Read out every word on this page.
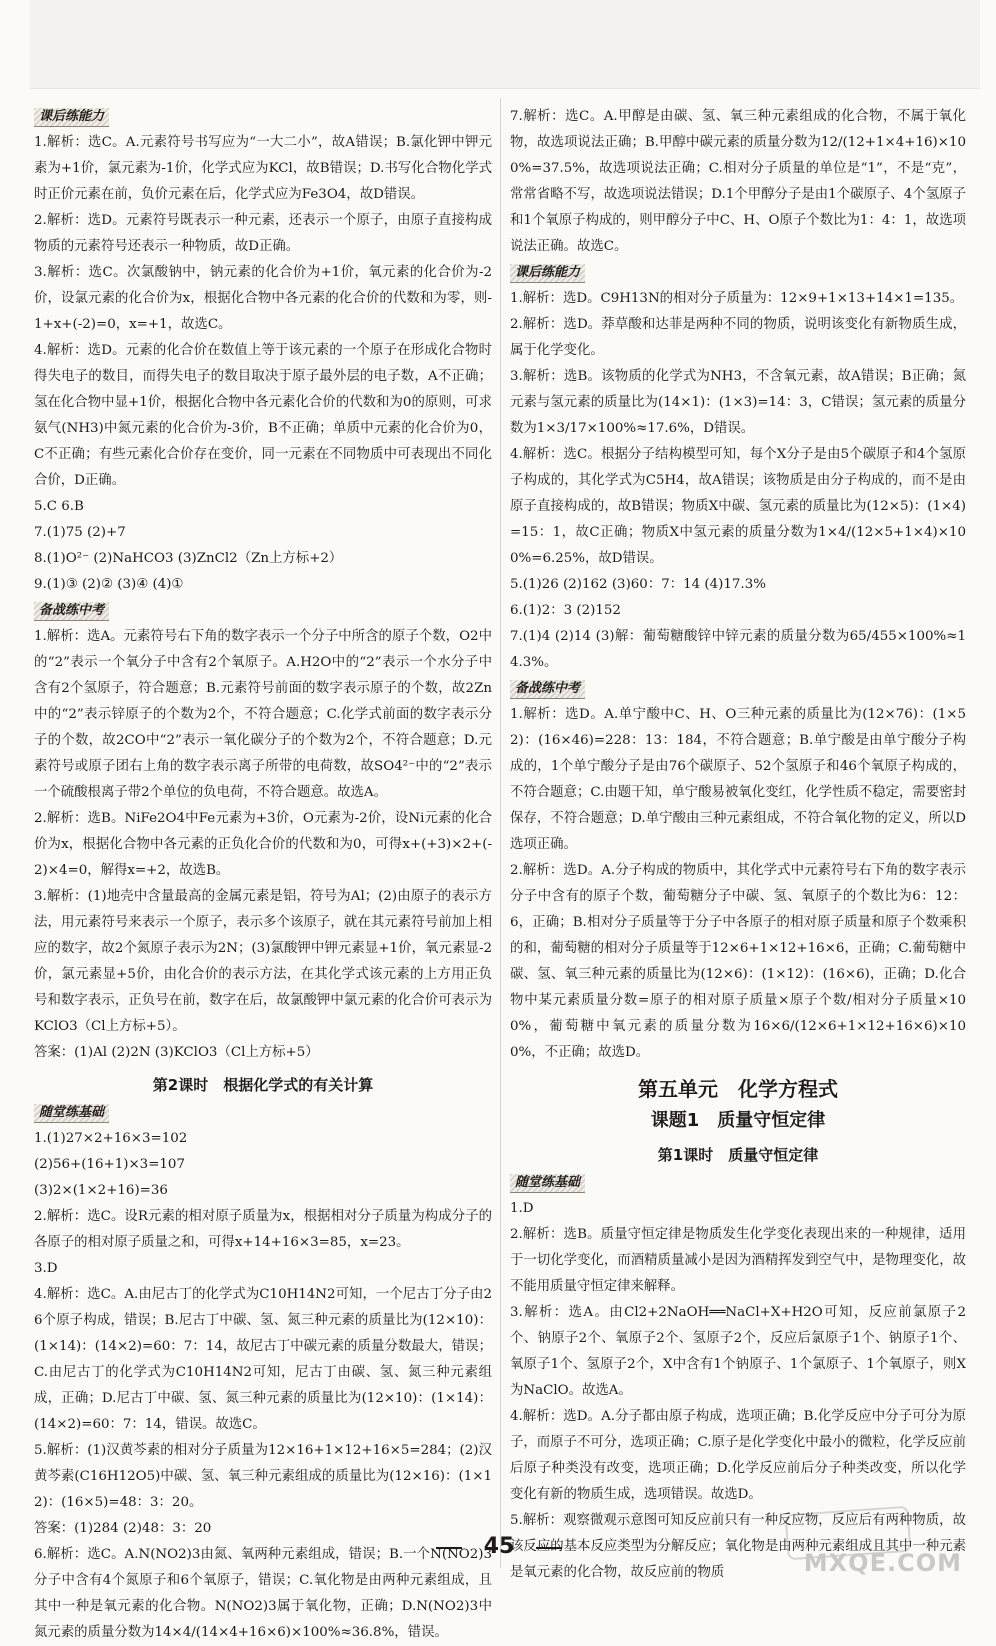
课后练能力

1.解析：选C。A.元素符号书写应为“一大二小”，故A错误；B.氯化钾中钾元素为+1价，氯元素为-1价，化学式应为KCl，故B错误；D.书写化合物化学式时正价元素在前，负价元素在后，化学式应为Fe3O4，故D错误。

2.解析：选D。元素符号既表示一种元素，还表示一个原子，由原子直接构成物质的元素符号还表示一种物质，故D正确。

3.解析：选C。次氯酸钠中，钠元素的化合价为+1价，氧元素的化合价为-2价，设氯元素的化合价为x，根据化合物中各元素的化合价的代数和为零，则-1+x+(-2)=0，x=+1，故选C。

4.解析：选D。元素的化合价在数值上等于该元素的一个原子在形成化合物时得失电子的数目，而得失电子的数目取决于原子最外层的电子数，A不正确；氢在化合物中显+1价，根据化合物中各元素化合价的代数和为0的原则，可求氨气(NH3)中氮元素的化合价为-3价，B不正确；单质中元素的化合价为0，C不正确；有些元素化合价存在变价，同一元素在不同物质中可表现出不同化合价，D正确。

5.C 6.B

7.(1)75 (2)+7

8.(1)O²⁻ (2)NaHCO3 (3)ZnCl2（Zn上方标+2）

9.(1)③ (2)② (3)④ (4)①

备战练中考

1.解析：选A。元素符号右下角的数字表示一个分子中所含的原子个数，O2中的“2”表示一个氧分子中含有2个氧原子。A.H2O中的“2”表示一个水分子中含有2个氢原子，符合题意；B.元素符号前面的数字表示原子的个数，故2Zn中的“2”表示锌原子的个数为2个，不符合题意；C.化学式前面的数字表示分子的个数，故2CO中“2”表示一氧化碳分子的个数为2个，不符合题意；D.元素符号或原子团右上角的数字表示离子所带的电荷数，故SO4²⁻中的“2”表示一个硫酸根离子带2个单位的负电荷，不符合题意。故选A。

2.解析：选B。NiFe2O4中Fe元素为+3价，O元素为-2价，设Ni元素的化合价为x，根据化合物中各元素的正负化合价的代数和为0，可得x+(+3)×2+(-2)×4=0，解得x=+2，故选B。

3.解析：(1)地壳中含量最高的金属元素是铝，符号为Al；(2)由原子的表示方法，用元素符号来表示一个原子，表示多个该原子，就在其元素符号前加上相应的数字，故2个氮原子表示为2N；(3)氯酸钾中钾元素显+1价，氧元素显-2价，氯元素显+5价，由化合价的表示方法，在其化学式该元素的上方用正负号和数字表示，正负号在前，数字在后，故氯酸钾中氯元素的化合价可表示为KClO3（Cl上方标+5）。

答案：(1)Al (2)2N (3)KClO3（Cl上方标+5）

第2课时　根据化学式的有关计算

随堂练基础

1.(1)27×2+16×3=102

(2)56+(16+1)×3=107

(3)2×(1×2+16)=36

2.解析：选C。设R元素的相对原子质量为x，根据相对分子质量为构成分子的各原子的相对原子质量之和，可得x+14+16×3=85，x=23。

3.D

4.解析：选C。A.由尼古丁的化学式为C10H14N2可知，一个尼古丁分子由26个原子构成，错误；B.尼古丁中碳、氢、氮三种元素的质量比为(12×10)：(1×14)：(14×2)=60：7：14，故尼古丁中碳元素的质量分数最大，错误；C.由尼古丁的化学式为C10H14N2可知，尼古丁由碳、氢、氮三种元素组成，正确；D.尼古丁中碳、氢、氮三种元素的质量比为(12×10)：(1×14)：(14×2)=60：7：14，错误。故选C。

5.解析：(1)汉黄芩素的相对分子质量为12×16+1×12+16×5=284；(2)汉黄芩素(C16H12O5)中碳、氢、氧三种元素组成的质量比为(12×16)：(1×12)：(16×5)=48：3：20。

答案：(1)284 (2)48：3：20

6.解析：选C。A.N(NO2)3由氮、氧两种元素组成，错误；B.一个N(NO2)3分子中含有4个氮原子和6个氧原子，错误；C.氧化物是由两种元素组成，且其中一种是氧元素的化合物。N(NO2)3属于氧化物，正确；D.N(NO2)3中氮元素的质量分数为14×4/(14×4+16×6)×100%≈36.8%，错误。

7.解析：选C。A.甲醇是由碳、氢、氧三种元素组成的化合物，不属于氧化物，故选项说法正确；B.甲醇中碳元素的质量分数为12/(12+1×4+16)×100%=37.5%，故选项说法正确；C.相对分子质量的单位是“1”，不是“克”，常常省略不写，故选项说法错误；D.1个甲醇分子是由1个碳原子、4个氢原子和1个氧原子构成的，则甲醇分子中C、H、O原子个数比为1：4：1，故选项说法正确。故选C。

课后练能力

1.解析：选D。C9H13N的相对分子质量为：12×9+1×13+14×1=135。

2.解析：选D。莽草酸和达菲是两种不同的物质，说明该变化有新物质生成，属于化学变化。

3.解析：选B。该物质的化学式为NH3，不含氧元素，故A错误；B正确；氮元素与氢元素的质量比为(14×1)：(1×3)=14：3，C错误；氢元素的质量分数为1×3/17×100%≈17.6%，D错误。

4.解析：选C。根据分子结构模型可知，每个X分子是由5个碳原子和4个氢原子构成的，其化学式为C5H4，故A错误；该物质是由分子构成的，而不是由原子直接构成的，故B错误；物质X中碳、氢元素的质量比为(12×5)：(1×4)=15：1，故C正确；物质X中氢元素的质量分数为1×4/(12×5+1×4)×100%=6.25%，故D错误。

5.(1)26 (2)162 (3)60：7：14 (4)17.3%

6.(1)2：3 (2)152

7.(1)4 (2)14 (3)解：葡萄糖酸锌中锌元素的质量分数为65/455×100%≈14.3%。

备战练中考

1.解析：选D。A.单宁酸中C、H、O三种元素的质量比为(12×76)：(1×52)：(16×46)=228：13：184，不符合题意；B.单宁酸是由单宁酸分子构成的，1个单宁酸分子是由76个碳原子、52个氢原子和46个氧原子构成的，不符合题意；C.由题干知，单宁酸易被氧化变红，化学性质不稳定，需要密封保存，不符合题意；D.单宁酸由三种元素组成，不符合氧化物的定义，所以D选项正确。

2.解析：选D。A.分子构成的物质中，其化学式中元素符号右下角的数字表示分子中含有的原子个数，葡萄糖分子中碳、氢、氧原子的个数比为6：12：6，正确；B.相对分子质量等于分子中各原子的相对原子质量和原子个数乘积的和，葡萄糖的相对分子质量等于12×6+1×12+16×6，正确；C.葡萄糖中碳、氢、氧三种元素的质量比为(12×6)：(1×12)：(16×6)，正确；D.化合物中某元素质量分数=原子的相对原子质量×原子个数/相对分子质量×100%，葡萄糖中氧元素的质量分数为16×6/(12×6+1×12+16×6)×100%，不正确；故选D。

第五单元　化学方程式
课题1　质量守恒定律
第1课时　质量守恒定律
随堂练基础

1.D

2.解析：选B。质量守恒定律是物质发生化学变化表现出来的一种规律，适用于一切化学变化，而酒精质量减小是因为酒精挥发到空气中，是物理变化，故不能用质量守恒定律来解释。

3.解析：选A。由Cl2+2NaOH══NaCl+X+H2O可知，反应前氯原子2个、钠原子2个、氧原子2个、氢原子2个，反应后氯原子1个、钠原子1个、氧原子1个、氢原子2个，X中含有1个钠原子、1个氯原子、1个氧原子，则X为NaClO。故选A。

4.解析：选D。A.分子都由原子构成，选项正确；B.化学反应中分子可分为原子，而原子不可分，选项正确；C.原子是化学变化中最小的微粒，化学反应前后原子种类没有改变，选项正确；D.化学反应前后分子种类改变，所以化学变化有新的物质生成，选项错误。故选D。

5.解析：观察微观示意图可知反应前只有一种反应物，反应后有两种物质，故该反应的基本反应类型为分解反应；氧化物是由两种元素组成且其中一种元素是氧元素的化合物，故反应前的物质

45
MXQE.COM
